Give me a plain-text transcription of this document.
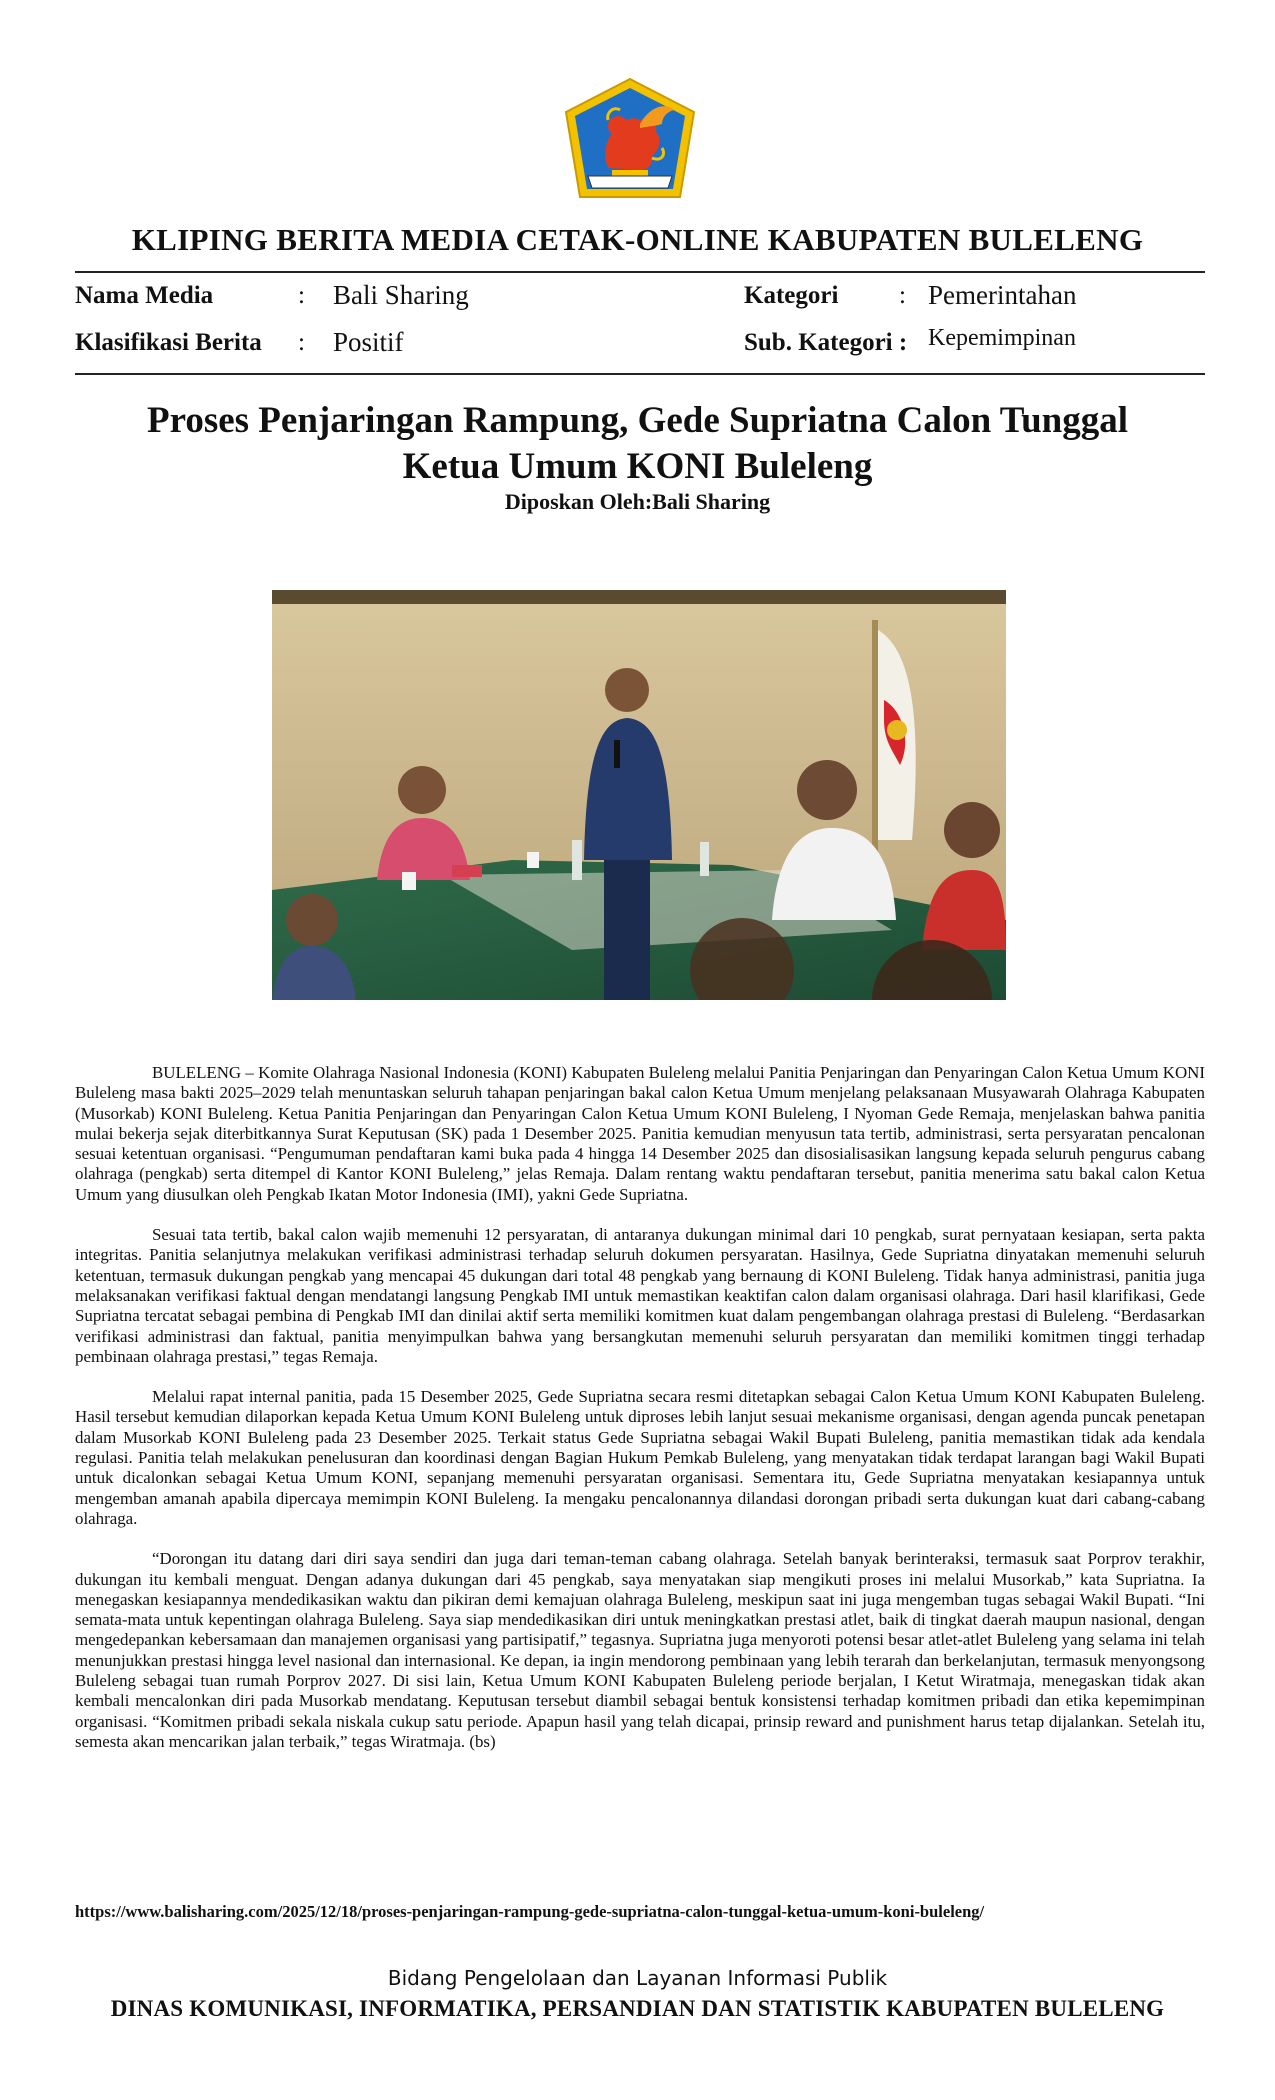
KLIPING BERITA MEDIA CETAK-ONLINE KABUPATEN BULELENG
Nama Media	: Bali Sharing
Klasifikasi Berita : Positif
Kategori : Pemerintahan
Sub. Kategori : Kepemimpinan
Proses Penjaringan Rampung, Gede Supriatna Calon Tunggal
Ketua Umum KONI Buleleng
Diposkan Oleh:Bali Sharing

BULELENG – Komite Olahraga Nasional Indonesia (KONI) Kabupaten Buleleng melalui Panitia Penjaringan dan Penyaringan Calon Ketua Umum KONI Buleleng masa bakti 2025–2029 telah menuntaskan seluruh tahapan penjaringan bakal calon Ketua Umum menjelang pelaksanaan Musyawarah Olahraga Kabupaten (Musorkab) KONI Buleleng. Ketua Panitia Penjaringan dan Penyaringan Calon Ketua Umum KONI Buleleng, I Nyoman Gede Remaja, menjelaskan bahwa panitia mulai bekerja sejak diterbitkannya Surat Keputusan (SK) pada 1 Desember 2025. Panitia kemudian menyusun tata tertib, administrasi, serta persyaratan pencalonan sesuai ketentuan organisasi. “Pengumuman pendaftaran kami buka pada 4 hingga 14 Desember 2025 dan disosialisasikan langsung kepada seluruh pengurus cabang olahraga (pengkab) serta ditempel di Kantor KONI Buleleng,” jelas Remaja. Dalam rentang waktu pendaftaran tersebut, panitia menerima satu bakal calon Ketua Umum yang diusulkan oleh Pengkab Ikatan Motor Indonesia (IMI), yakni Gede Supriatna.

Sesuai tata tertib, bakal calon wajib memenuhi 12 persyaratan, di antaranya dukungan minimal dari 10 pengkab, surat pernyataan kesiapan, serta pakta integritas. Panitia selanjutnya melakukan verifikasi administrasi terhadap seluruh dokumen persyaratan. Hasilnya, Gede Supriatna dinyatakan memenuhi seluruh ketentuan, termasuk dukungan pengkab yang mencapai 45 dukungan dari total 48 pengkab yang bernaung di KONI Buleleng. Tidak hanya administrasi, panitia juga melaksanakan verifikasi faktual dengan mendatangi langsung Pengkab IMI untuk memastikan keaktifan calon dalam organisasi olahraga. Dari hasil klarifikasi, Gede Supriatna tercatat sebagai pembina di Pengkab IMI dan dinilai aktif serta memiliki komitmen kuat dalam pengembangan olahraga prestasi di Buleleng. “Berdasarkan verifikasi administrasi dan faktual, panitia menyimpulkan bahwa yang bersangkutan memenuhi seluruh persyaratan dan memiliki komitmen tinggi terhadap pembinaan olahraga prestasi,” tegas Remaja.

Melalui rapat internal panitia, pada 15 Desember 2025, Gede Supriatna secara resmi ditetapkan sebagai Calon Ketua Umum KONI Kabupaten Buleleng. Hasil tersebut kemudian dilaporkan kepada Ketua Umum KONI Buleleng untuk diproses lebih lanjut sesuai mekanisme organisasi, dengan agenda puncak penetapan dalam Musorkab KONI Buleleng pada 23 Desember 2025. Terkait status Gede Supriatna sebagai Wakil Bupati Buleleng, panitia memastikan tidak ada kendala regulasi. Panitia telah melakukan penelusuran dan koordinasi dengan Bagian Hukum Pemkab Buleleng, yang menyatakan tidak terdapat larangan bagi Wakil Bupati untuk dicalonkan sebagai Ketua Umum KONI, sepanjang memenuhi persyaratan organisasi. Sementara itu, Gede Supriatna menyatakan kesiapannya untuk mengemban amanah apabila dipercaya memimpin KONI Buleleng. Ia mengaku pencalonannya dilandasi dorongan pribadi serta dukungan kuat dari cabang-cabang olahraga.

“Dorongan itu datang dari diri saya sendiri dan juga dari teman-teman cabang olahraga. Setelah banyak berinteraksi, termasuk saat Porprov terakhir, dukungan itu kembali menguat. Dengan adanya dukungan dari 45 pengkab, saya menyatakan siap mengikuti proses ini melalui Musorkab,” kata Supriatna. Ia menegaskan kesiapannya mendedikasikan waktu dan pikiran demi kemajuan olahraga Buleleng, meskipun saat ini juga mengemban tugas sebagai Wakil Bupati. “Ini semata-mata untuk kepentingan olahraga Buleleng. Saya siap mendedikasikan diri untuk meningkatkan prestasi atlet, baik di tingkat daerah maupun nasional, dengan mengedepankan kebersamaan dan manajemen organisasi yang partisipatif,” tegasnya. Supriatna juga menyoroti potensi besar atlet-atlet Buleleng yang selama ini telah menunjukkan prestasi hingga level nasional dan internasional. Ke depan, ia ingin mendorong pembinaan yang lebih terarah dan berkelanjutan, termasuk menyongsong Buleleng sebagai tuan rumah Porprov 2027. Di sisi lain, Ketua Umum KONI Kabupaten Buleleng periode berjalan, I Ketut Wiratmaja, menegaskan tidak akan kembali mencalonkan diri pada Musorkab mendatang. Keputusan tersebut diambil sebagai bentuk konsistensi terhadap komitmen pribadi dan etika kepemimpinan organisasi. “Komitmen pribadi sekala niskala cukup satu periode. Apapun hasil yang telah dicapai, prinsip reward and punishment harus tetap dijalankan. Setelah itu, semesta akan mencarikan jalan terbaik,” tegas Wiratmaja. (bs)

https://www.balisharing.com/2025/12/18/proses-penjaringan-rampung-gede-supriatna-calon-tunggal-ketua-umum-koni-buleleng/
Bidang Pengelolaan dan Layanan Informasi Publik
DINAS KOMUNIKASI, INFORMATIKA, PERSANDIAN DAN STATISTIK KABUPATEN BULELENG
